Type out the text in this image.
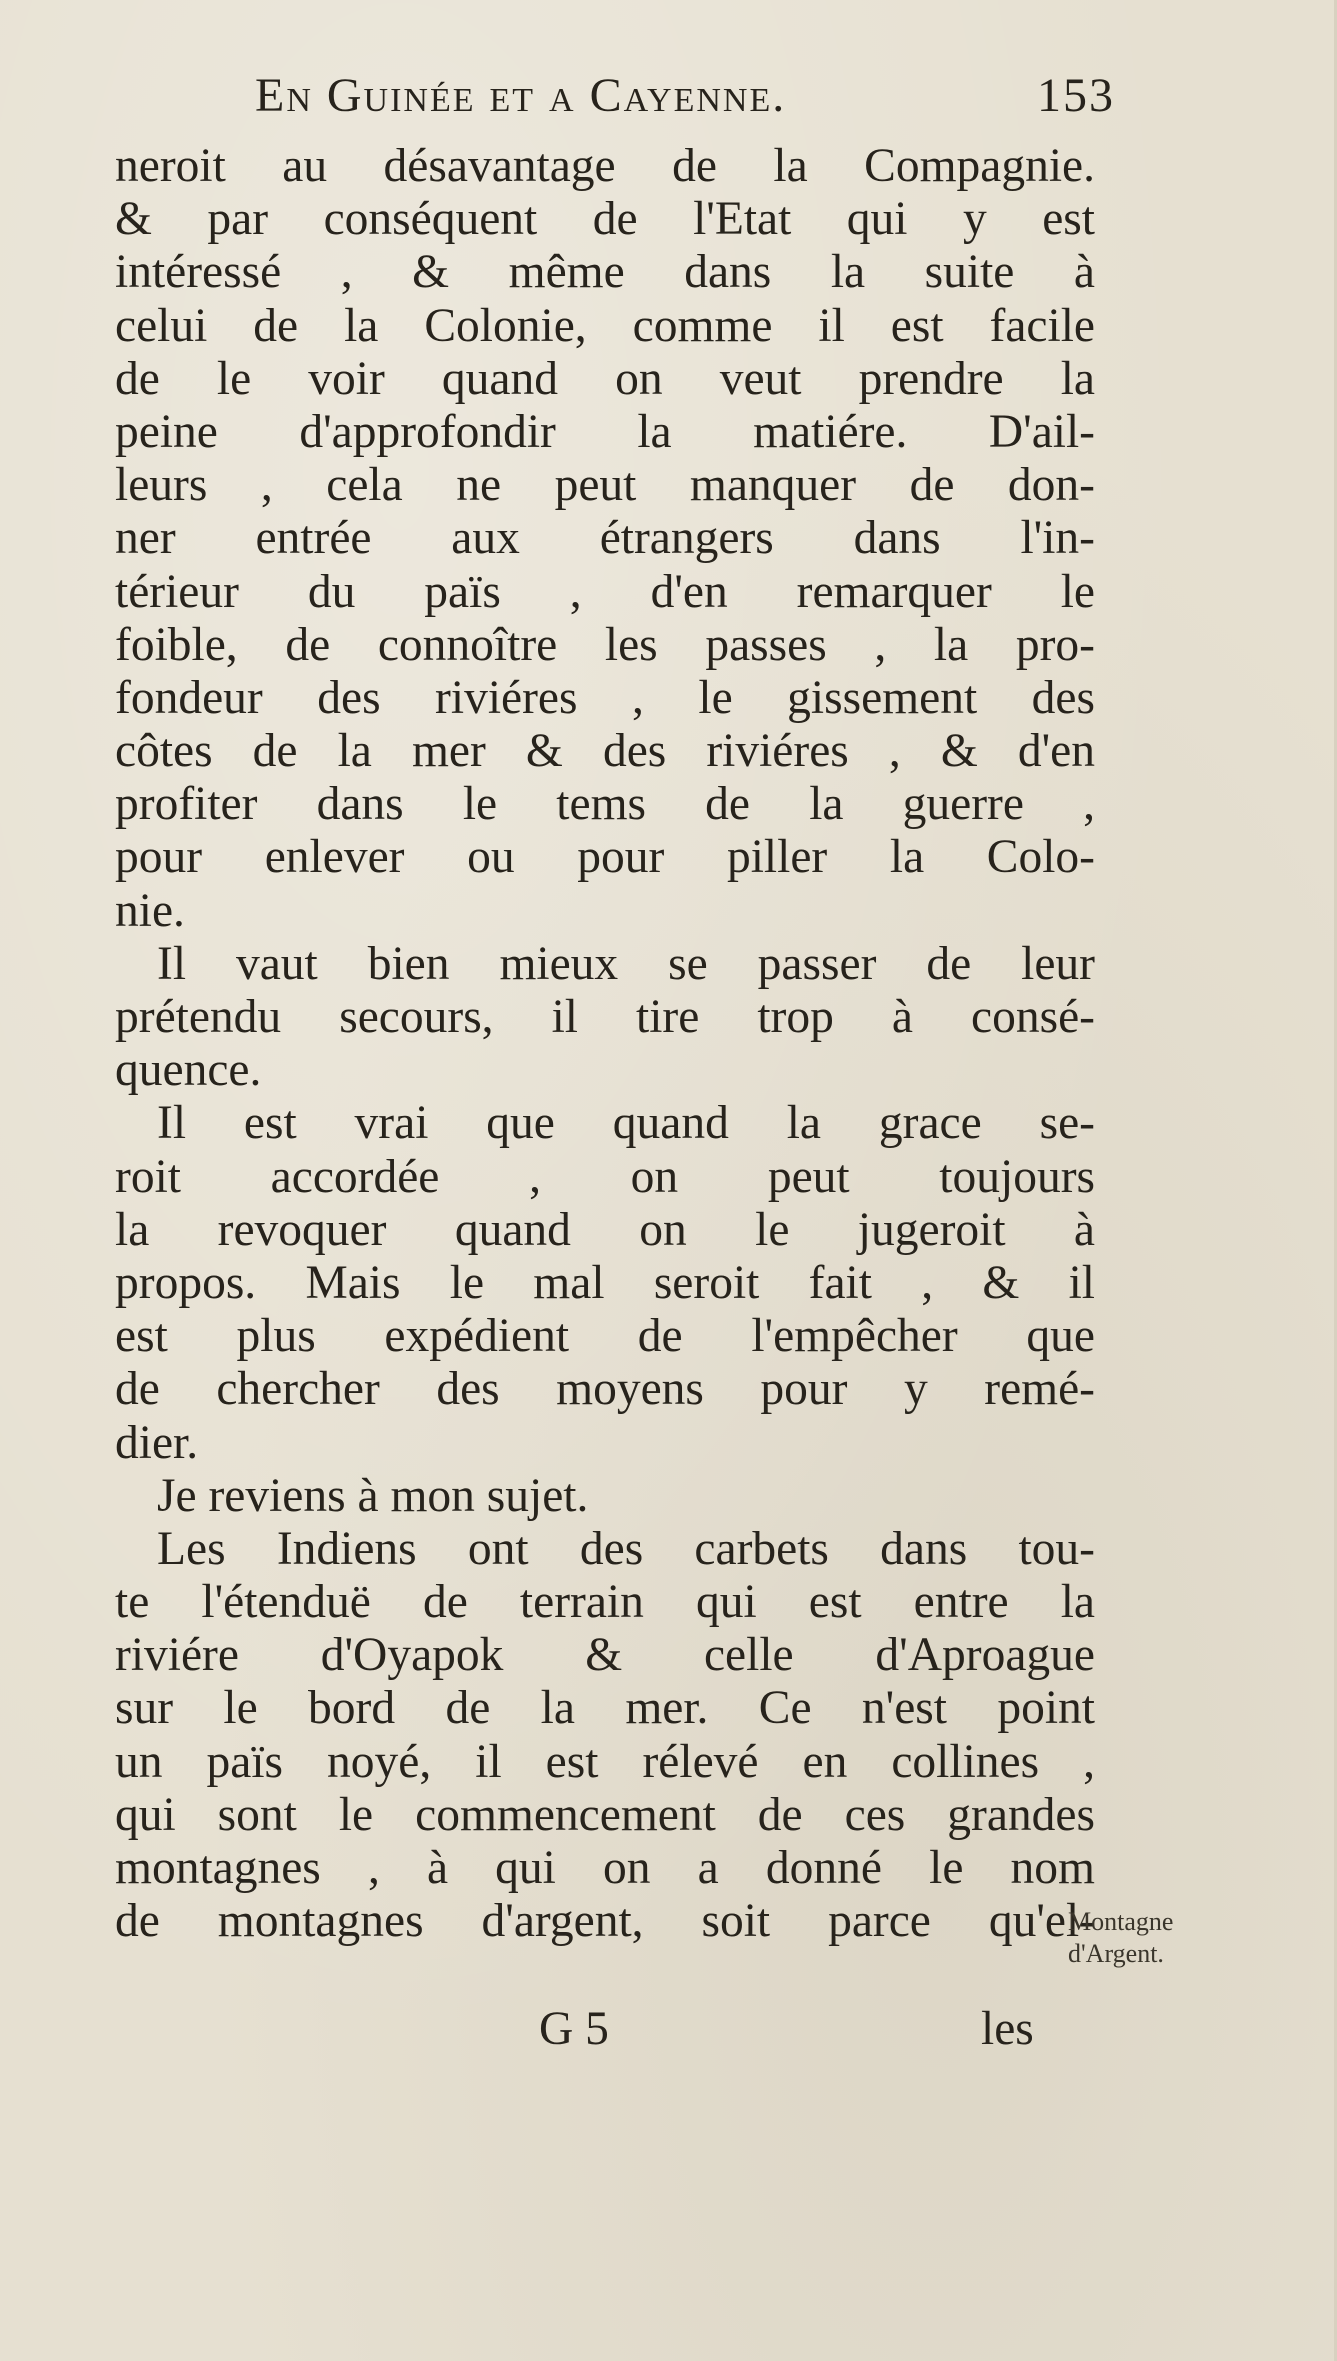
En Guinée et a Cayenne.	153
neroit au désavantage de la Compagnie.
& par conséquent de l'Etat qui y est
intéressé , & même dans la suite à
celui de la Colonie, comme il est facile
de le voir quand on veut prendre la
peine d'approfondir la matiére. D'ail-
leurs , cela ne peut manquer de don-
ner entrée aux étrangers dans l'in-
térieur du païs , d'en remarquer le
foible, de connoître les passes , la pro-
fondeur des riviéres , le gissement des
côtes de la mer & des riviéres , & d'en
profiter dans le tems de la guerre ,
pour enlever ou pour piller la Colo-
nie.
Il vaut bien mieux se passer de leur
prétendu secours, il tire trop à consé-
quence.
Il est vrai que quand la grace se-
roit accordée , on peut toujours
la revoquer quand on le jugeroit à
propos. Mais le mal seroit fait , & il
est plus expédient de l'empêcher que
de chercher des moyens pour y remé-
dier.
Je reviens à mon sujet.
Les Indiens ont des carbets dans tou-
te l'étenduë de terrain qui est entre la
riviére d'Oyapok & celle d'Aproague
sur le bord de la mer. Ce n'est point
un païs noyé, il est rélevé en collines ,
qui sont le commencement de ces grandes
montagnes , à qui on a donné le nom
de montagnes d'argent, soit parce qu'el-
Montagne
d'Argent.
G 5	les
